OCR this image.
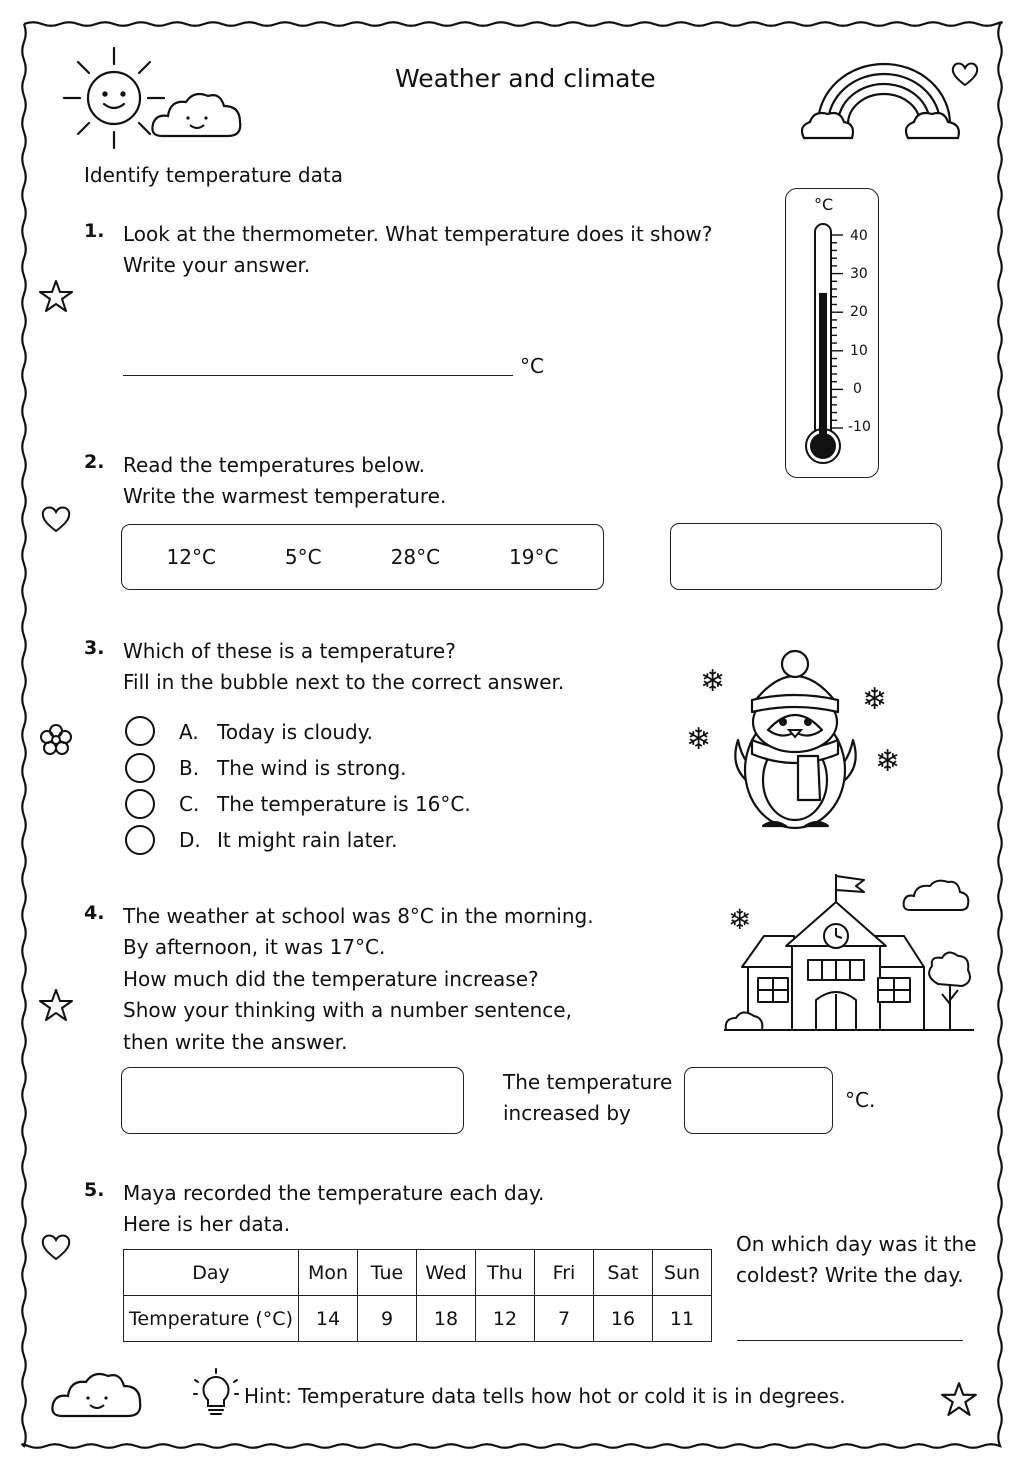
Weather and climate
Identify temperature data
1. Look at the thermometer. What temperature does it show?
Write your answer.
°C
°C
40
30
20
10
0
-10
2. Read the temperatures below.
Write the warmest temperature.
12°C	5°C	28°C	19°C
3. Which of these is a temperature?
Fill in the bubble next to the correct answer.
A. Today is cloudy.
B. The wind is strong.
C. The temperature is 16°C.
D. It might rain later.
❄
❄
❄
❄
4. The weather at school was 8°C in the morning.
By afternoon, it was 17°C.
How much did the temperature increase?
Show your thinking with a number sentence,
then write the answer.
❄
The temperature
increased by
°C.
5. Maya recorded the temperature each day.
Here is her data.
Day	Mon	Tue	Wed	Thu	Fri	Sat	Sun
Temperature (°C)	14	9	18	12	7	16	11
On which day was it the
coldest? Write the day.
Hint: Temperature data tells how hot or cold it is in degrees.
